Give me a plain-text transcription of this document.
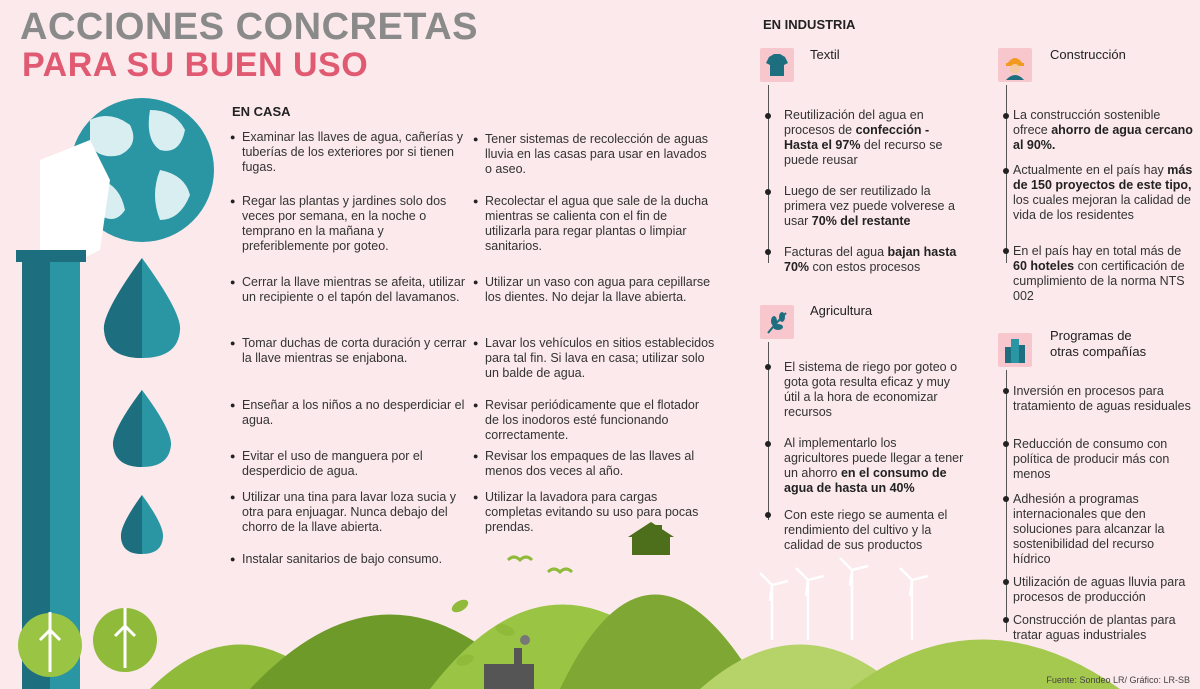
ACCIONES CONCRETAS
PARA SU BUEN USO
EN CASA
● Examinar las llaves de agua, cañerías y tuberías de los exteriores por si tienen fugas.
● Regar las plantas y jardines solo dos veces por semana, en la noche o temprano en la mañana y preferiblemente por goteo.
● Cerrar la llave mientras se afeita, utilizar un recipiente o el tapón del lavamanos.
● Tomar duchas de corta duración y cerrar la llave mientras se enjabona.
● Enseñar a los niños a no desperdiciar el agua.
● Evitar el uso de manguera por el desperdicio de agua.
● Utilizar una tina para lavar loza sucia y otra para enjuagar. Nunca debajo del chorro de la llave abierta.
● Instalar sanitarios de bajo consumo.
● Tener sistemas de recolección de aguas lluvia en las casas para usar en lavados o aseo.
● Recolectar el agua que sale de la ducha mientras se calienta con el fin de utilizarla para regar plantas o limpiar sanitarios.
● Utilizar un vaso con agua para cepillarse los dientes. No dejar la llave abierta.
● Lavar los vehículos en sitios establecidos para tal fin. Si lava en casa; utilizar solo un balde de agua.
● Revisar periódicamente que el flotador de los inodoros esté funcionando correctamente.
● Revisar los empaques de las llaves al menos dos veces al año.
● Utilizar la lavadora para cargas completas evitando su uso para pocas prendas.
EN INDUSTRIA
Textil
Reutilización del agua en procesos de confección - Hasta el 97% del recurso se puede reusar
Luego de ser reutilizado la primera vez puede volverese a usar 70% del restante
Facturas del agua bajan hasta 70% con estos procesos
Agricultura
El sistema de riego por goteo o gota gota resulta eficaz y muy útil a la hora de economizar recursos
Al implementarlo los agricultores puede llegar a tener un ahorro en el consumo de agua de hasta un 40%
Con este riego se aumenta el rendimiento del cultivo y la calidad de sus productos
Construcción
La construcción sostenible ofrece ahorro de agua cercano al 90%.
Actualmente en el país hay más de 150 proyectos de este tipo, los cuales mejoran la calidad de vida de los residentes
En el país hay en total más de 60 hoteles con certificación de cumplimiento de la norma NTS 002
Programas de
otras compañías
Inversión en procesos para tratamiento de aguas residuales
Reducción de consumo con política de producir más con menos
Adhesión a programas internacionales que den soluciones para alcanzar la sostenibilidad del recurso hídrico
Utilización de aguas lluvia para procesos de producción
Construcción de plantas para tratar aguas industriales
Fuente: Sondeo LR/ Gráfico: LR-SB
